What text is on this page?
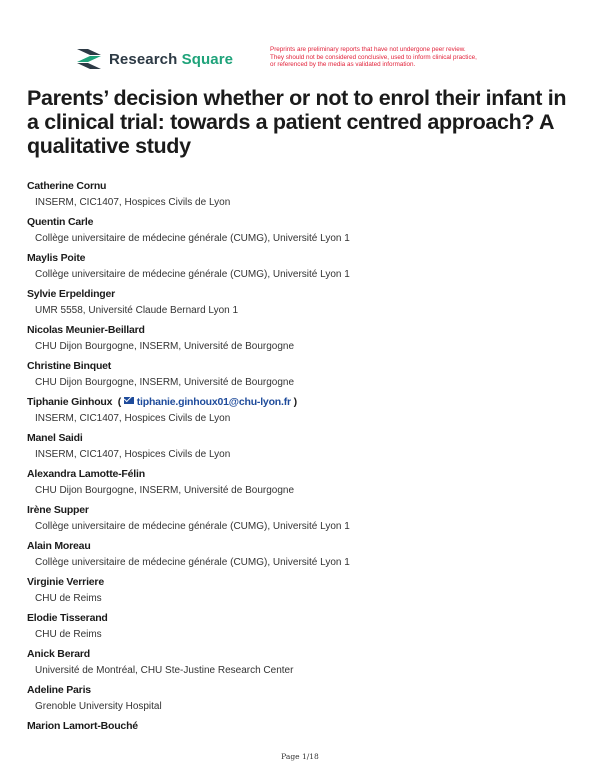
Research Square
Preprints are preliminary reports that have not undergone peer review.
They should not be considered conclusive, used to inform clinical practice,
or referenced by the media as validated information.
Parents’ decision whether or not to enrol their infant in a clinical trial: towards a patient centred approach? A qualitative study
Catherine Cornu
INSERM, CIC1407, Hospices Civils de Lyon
Quentin Carle
Collège universitaire de médecine générale (CUMG), Université Lyon 1
Maylis Poite
Collège universitaire de médecine générale (CUMG), Université Lyon 1
Sylvie Erpeldinger
UMR 5558, Université Claude Bernard Lyon 1
Nicolas Meunier-Beillard
CHU Dijon Bourgogne, INSERM, Université de Bourgogne
Christine Binquet
CHU Dijon Bourgogne, INSERM, Université de Bourgogne
Tiphanie Ginhoux  ( tiphanie.ginhoux01@chu-lyon.fr )
INSERM, CIC1407, Hospices Civils de Lyon
Manel Saidi
INSERM, CIC1407, Hospices Civils de Lyon
Alexandra Lamotte-Félin
CHU Dijon Bourgogne, INSERM, Université de Bourgogne
Irène Supper
Collège universitaire de médecine générale (CUMG), Université Lyon 1
Alain Moreau
Collège universitaire de médecine générale (CUMG), Université Lyon 1
Virginie Verriere
CHU de Reims
Elodie Tisserand
CHU de Reims
Anick Berard
Université de Montréal, CHU Ste-Justine Research Center
Adeline Paris
Grenoble University Hospital
Marion Lamort-Bouché
Page 1/18
